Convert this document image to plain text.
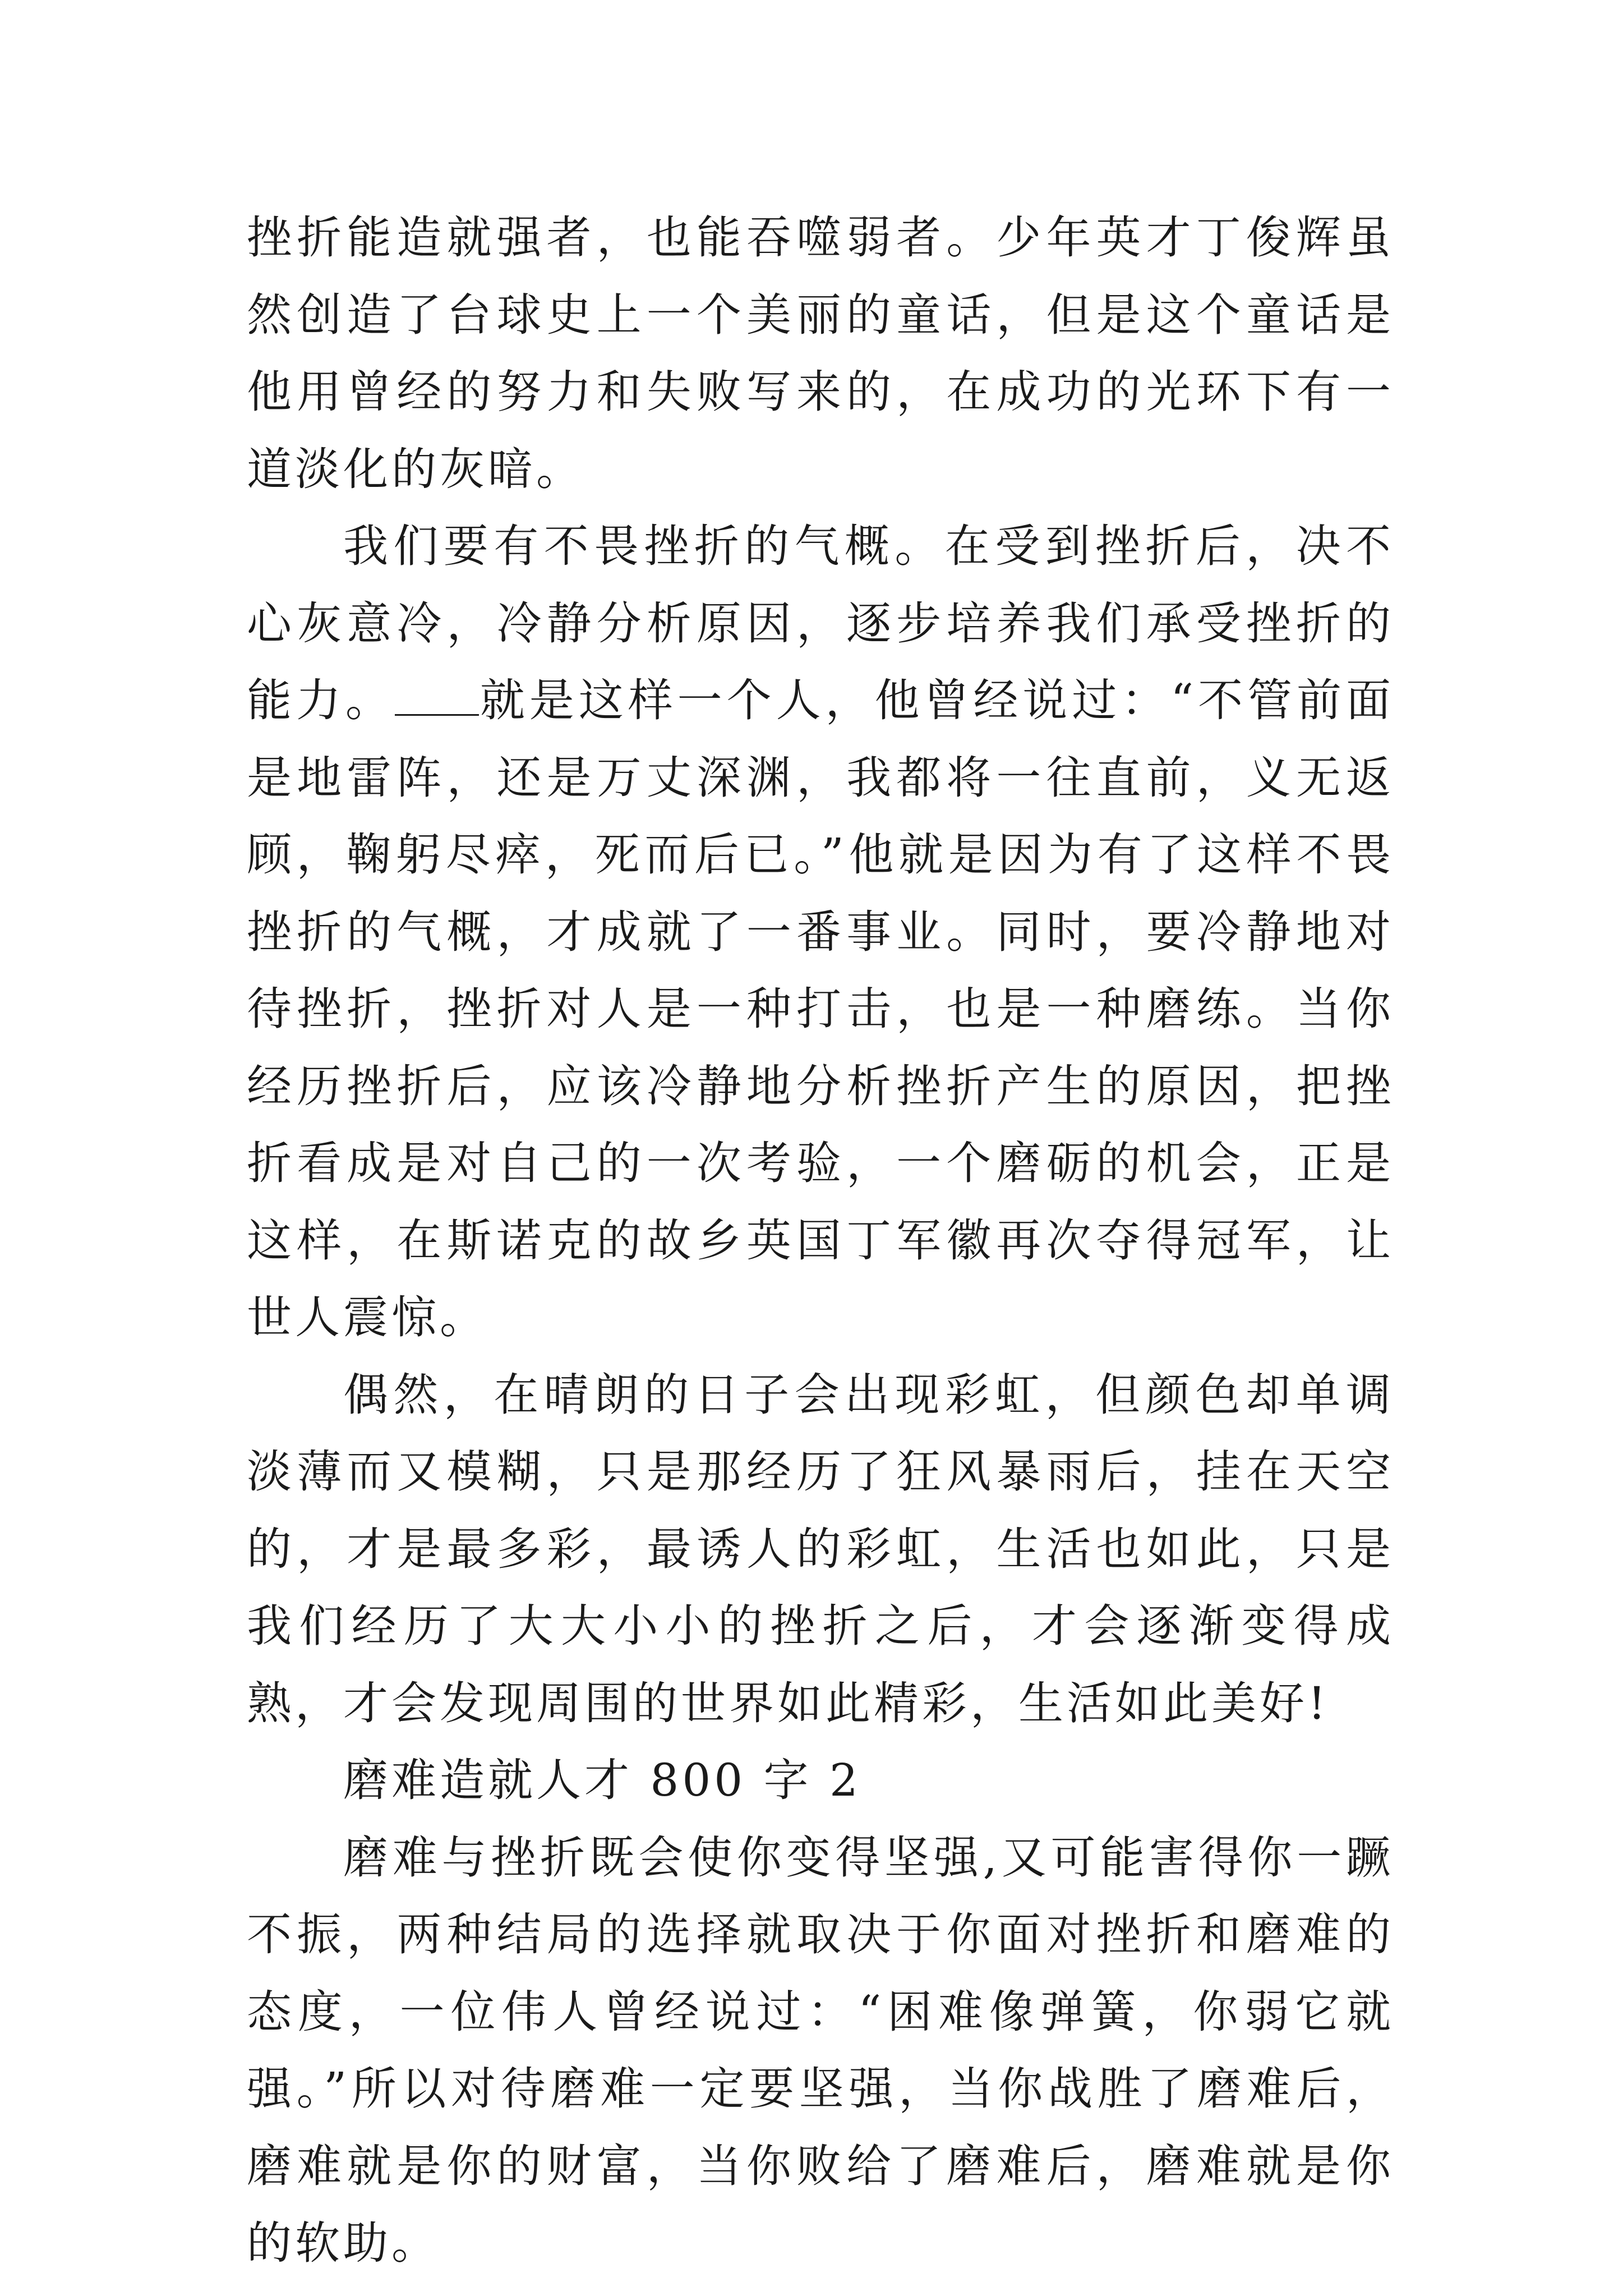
挫折能造就强者，也能吞噬弱者。少年英才丁俊辉虽然创造了台球史上一个美丽的童话，但是这个童话是他用曾经的努力和失败写来的，在成功的光环下有一道淡化的灰暗。

我们要有不畏挫折的气概。在受到挫折后，决不心灰意冷，冷静分析原因，逐步培养我们承受挫折的能力。 就是这样一个人，他曾经说过：“不管前面是地雷阵，还是万丈深渊，我都将一往直前，义无返顾，鞠躬尽瘁，死而后已。”他就是因为有了这样不畏挫折的气概，才成就了一番事业。同时，要冷静地对待挫折，挫折对人是一种打击，也是一种磨练。当你经历挫折后，应该冷静地分析挫折产生的原因，把挫折看成是对自己的一次考验，一个磨砺的机会，正是这样，在斯诺克的故乡英国丁军徽再次夺得冠军，让世人震惊。

偶然，在晴朗的日子会出现彩虹，但颜色却单调淡薄而又模糊，只是那经历了狂风暴雨后，挂在天空的，才是最多彩，最诱人的彩虹，生活也如此，只是我们经历了大大小小的挫折之后，才会逐渐变得成熟，才会发现周围的世界如此精彩，生活如此美好!

磨难造就人才 800 字 2

磨难与挫折既会使你变得坚强,又可能害得你一蹶不振，两种结局的选择就取决于你面对挫折和磨难的态度，一位伟人曾经说过：“困难像弹簧，你弱它就强。”所以对待磨难一定要坚强，当你战胜了磨难后，磨难就是你的财富，当你败给了磨难后，磨难就是你的软助。
